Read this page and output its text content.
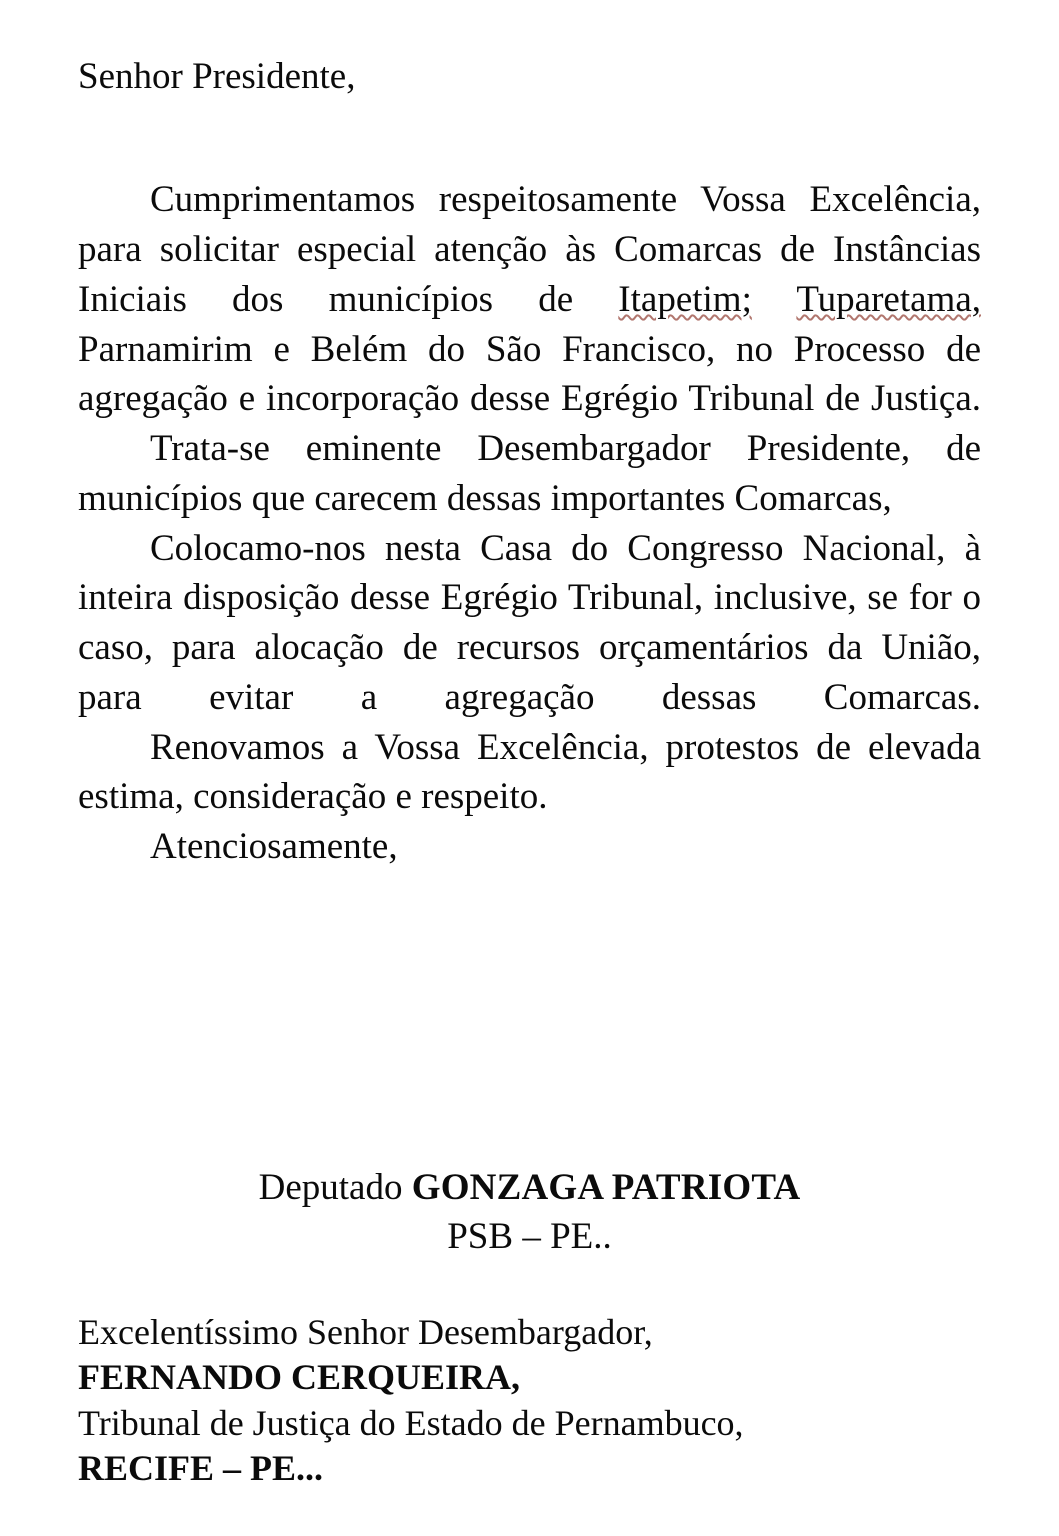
Senhor Presidente,

Cumprimentamos respeitosamente Vossa Excelência, para solicitar especial atenção às Comarcas de Instâncias Iniciais dos municípios de Itapetim; Tuparetama, Parnamirim e Belém do São Francisco, no Processo de agregação e incorporação desse Egrégio Tribunal de Justiça.

Trata-se eminente Desembargador Presidente, de municípios que carecem dessas importantes Comarcas,

Colocamo-nos nesta Casa do Congresso Nacional, à inteira disposição desse Egrégio Tribunal, inclusive, se for o caso, para alocação de recursos orçamentários da União, para evitar a agregação dessas Comarcas.

Renovamos a Vossa Excelência, protestos de elevada estima, consideração e respeito.

Atenciosamente,

Deputado GONZAGA PATRIOTA
PSB – PE..
Excelentíssimo Senhor Desembargador,
FERNANDO CERQUEIRA,
Tribunal de Justiça do Estado de Pernambuco,
RECIFE – PE...
